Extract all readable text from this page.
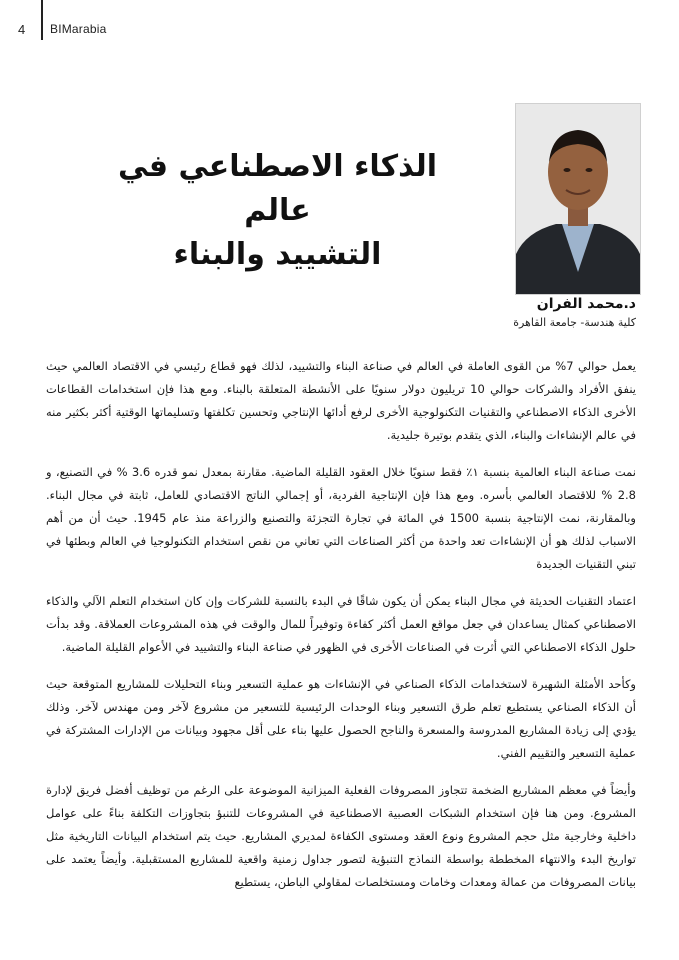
4 BIMarabia
الذكاء الاصطناعي في عالم
التشييد والبناء
د.محمد الفران
كلية هندسة- جامعة القاهرة

يعمل حوالي 7% من القوى العاملة في العالم في صناعة البناء والتشييد، لذلك فهو قطاع رئيسي في الاقتصاد العالمي حيث ينفق الأفراد والشركات حوالي 10 تريليون دولار سنويًا على الأنشطة المتعلقة بالبناء. ومع هذا فإن استخدامات القطاعات الأخرى الذكاء الاصطناعي والتقنيات التكنولوجية الأخرى لرفع أدائها الإنتاجي وتحسين تكلفتها وتسليماتها الوقتية أكثر بكثير منه في عالم الإنشاءات والبناء، الذي يتقدم بوتيرة جليدية.

نمت صناعة البناء العالمية بنسبة ١٪ فقط سنويًا خلال العقود القليلة الماضية. مقارنة بمعدل نمو قدره 3.6 % في التصنيع، و 2.8 % للاقتصاد العالمي بأسره. ومع هذا فإن الإنتاجية الفردية، أو إجمالي الناتج الاقتصادي للعامل، ثابتة في مجال البناء. وبالمقارنة، نمت الإنتاجية بنسبة 1500 في المائة في تجارة التجزئة والتصنيع والزراعة منذ عام 1945. حيث أن من أهم الاسباب لذلك هو أن الإنشاءات تعد واحدة من أكثر الصناعات التي تعاني من نقص استخدام التكنولوجيا في العالم وبطئها في تبني التقنيات الجديدة

اعتماد التقنيات الحديثة في مجال البناء يمكن أن يكون شاقًا في البدء بالنسبة للشركات وإن كان استخدام التعلم الآلي والذكاء الاصطناعي كمثال يساعدان في جعل مواقع العمل أكثر كفاءة وتوفيراً للمال والوقت في هذه المشروعات العملاقة. وقد بدأت حلول الذكاء الاصطناعي التي أثرت في الصناعات الأخرى في الظهور في صناعة البناء والتشييد في الأعوام القليلة الماضية.

وكأحد الأمثلة الشهيرة لاستخدامات الذكاء الصناعي في الإنشاءات هو عملية التسعير وبناء التحليلات للمشاريع المتوقعة حيث أن الذكاء الصناعي يستطيع تعلم طرق التسعير وبناء الوحدات الرئيسية للتسعير من مشروع لآخر ومن مهندس لآخر. وذلك يؤدي إلى زيادة المشاريع المدروسة والمسعرة والناجح الحصول عليها بناء على أقل مجهود وبيانات من الإدارات المشتركة في عملية التسعير والتقييم الفني.

وأيضاً في معظم المشاريع الضخمة تتجاوز المصروفات الفعلية الميزانية الموضوعة على الرغم من توظيف أفضل فريق لإدارة المشروع. ومن هنا فإن استخدام الشبكات العصبية الاصطناعية في المشروعات للتنبؤ بتجاوزات التكلفة بناءً على عوامل داخلية وخارجية مثل حجم المشروع ونوع العقد ومستوى الكفاءة لمديري المشاريع. حيث يتم استخدام البيانات التاريخية مثل تواريخ البدء والانتهاء المخططة بواسطة النماذج التنبؤية لتصور جداول زمنية واقعية للمشاريع المستقبلية. وأيضاً يعتمد على بيانات المصروفات من عمالة ومعدات وخامات ومستخلصات لمقاولي الباطن، يستطيع
